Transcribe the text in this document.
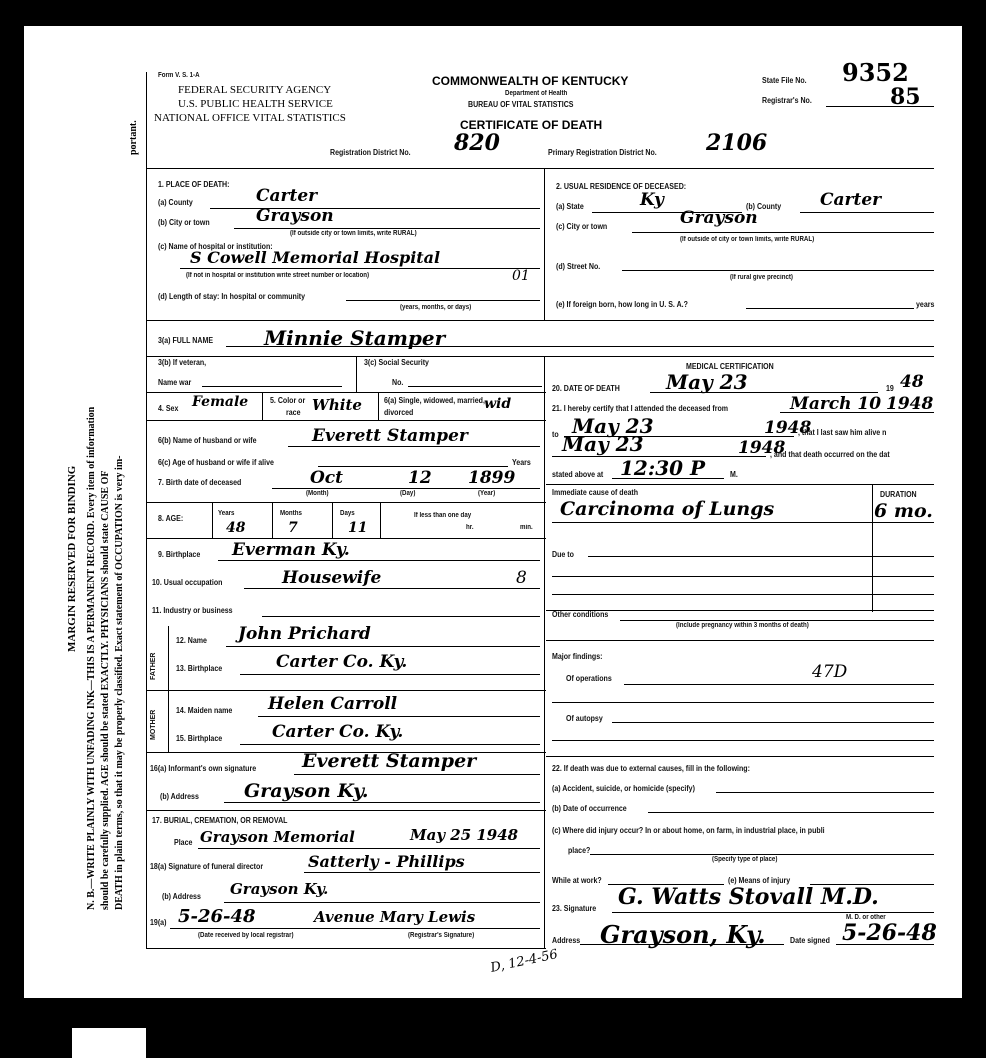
MARGIN RESERVED FOR BINDING N. B.—WRITE PLAINLY WITH UNFADING INK—THIS IS A PERMANENT RECORD. Every item of information should be carefully supplied. AGE should be stated EXACTLY. PHYSICIANS should state CAUSE OF DEATH in plain terms, so that it may be properly classified. Exact statement of OCCUPATION is very im-
portant.
Form V. S. 1-A
FEDERAL SECURITY AGENCY
U.S. PUBLIC HEALTH SERVICE
NATIONAL OFFICE VITAL STATISTICS
COMMONWEALTH OF KENTUCKY
Department of Health
BUREAU OF VITAL STATISTICS
CERTIFICATE OF DEATH
State File No. 9352
Registrar's No.	85
Registration District No. 820	Primary Registration District No. 2106
1. PLACE OF DEATH:
(a) County	Carter
(b) City or town	Grayson
(If outside city or town limits, write RURAL)
(c) Name of hospital or institution:
S Cowell Memorial Hospital
(If not in hospital or institution write street number or location)	01
(d) Length of stay: In hospital or community
(years, months, or days)
2. USUAL RESIDENCE OF DECEASED:
(a) State	Ky	(b) County Carter
(c) City or town	Grayson
(If outside of city or town limits, write RURAL)
(d) Street No.
(If rural give precinct)
(e) If foreign born, how long in U. S. A.?	years
3(a) FULL NAME	Minnie Stamper
3(b) If veteran,	3(c) Social Security
Name war	No.
4. Sex Female	5. Color or
race White	6(a) Single, widowed, married,
divorced
wid
6(b) Name of husband or wife	Everett Stamper
6(c) Age of husband or wife if alive	Years
7. Birth date of deceased	Oct	12 1899
(Month)	(Day)	(Year)
8. AGE:
Years
48
Months
7
Days
11
If less than one day
hr.	min.
9. Birthplace Everman Ky.
10. Usual occupation	Housewife	8
11. Industry or business
FATHER
MOTHER
12. Name John Prichard
13. Birthplace	Carter Co. Ky.
14. Maiden name Helen Carroll
15. Birthplace	Carter Co. Ky.
16(a) Informant's own signature Everett Stamper
(b) Address Grayson Ky.
17. BURIAL, CREMATION, OR REMOVAL
Place Grayson Memorial	May 25 1948
18(a) Signature of funeral director	Satterly - Phillips
(b) Address Grayson Ky.
19(a) 5-26-48	Avenue Mary Lewis
(Date received by local registrar)	(Registrar's Signature)
MEDICAL CERTIFICATION
20. DATE OF DEATH May 23	19 48
21. I hereby certify that I attended the deceased from	March 10 1948
to May 23	1948
, that I last saw him alive n
May 23	1948
, and that death occurred on the dat
stated above at 12:30 P	M.
Immediate cause of death
Carcinoma of Lungs
DURATION
6 mo.
Due to
Other conditions
(Include pregnancy within 3 months of death)
Major findings:
Of operations	47D
Of autopsy
22. If death was due to external causes, fill in the following:
(a) Accident, suicide, or homicide (specify)
(b) Date of occurrence
(c) Where did injury occur? In or about home, on farm, in industrial place, in publi
place?
(Specify type of place)
While at work?	(e) Means of injury
23. Signature G. Watts Stovall M.D.
M. D. or other
Address Grayson, Ky.	Date signed 5-26-48
D, 12-4-56
